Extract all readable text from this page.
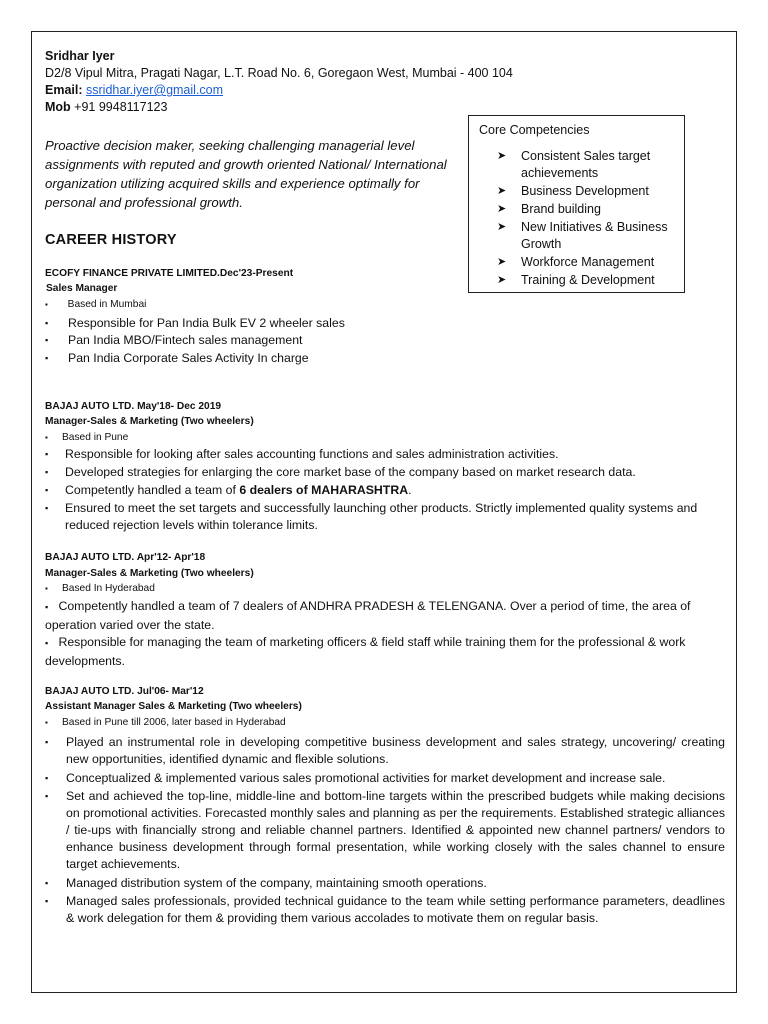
Sridhar Iyer
D2/8 Vipul Mitra, Pragati Nagar, L.T. Road No. 6, Goregaon West, Mumbai - 400 104
Email: ssridhar.iyer@gmail.com
Mob +91 9948117123
Proactive decision maker, seeking challenging managerial level assignments with reputed and growth oriented National/ International organization utilizing acquired skills and experience optimally for personal and professional growth.
Core Competencies
➤ Consistent Sales target achievements
➤ Business Development
➤ Brand building
➤ New Initiatives & Business Growth
➤ Workforce Management
➤ Training & Development
CAREER HISTORY
ECOFY FINANCE PRIVATE LIMITED.Dec'23-Present
Sales Manager
▪ Based in Mumbai
▪	Responsible for Pan India Bulk EV 2 wheeler sales
▪	Pan India MBO/Fintech sales management
▪	Pan India Corporate Sales Activity In charge
BAJAJ AUTO LTD. May'18- Dec 2019
Manager-Sales & Marketing (Two wheelers)
▪ Based in Pune
▪	Responsible for looking after sales accounting functions and sales administration activities.
▪	Developed strategies for enlarging the core market base of the company based on market research data.
▪	Competently handled a team of 6 dealers of MAHARASHTRA.
▪	Ensured to meet the set targets and successfully launching other products. Strictly implemented quality systems and reduced rejection levels within tolerance limits.
BAJAJ AUTO LTD. Apr'12- Apr'18
Manager-Sales & Marketing (Two wheelers)
▪ Based In Hyderabad
▪ Competently handled a team of 7 dealers of ANDHRA PRADESH & TELENGANA. Over a period of time, the area of operation varied over the state.
▪ Responsible for managing the team of marketing officers & field staff while training them for the professional & work developments.
BAJAJ AUTO LTD. Jul'06- Mar'12
Assistant Manager Sales & Marketing (Two wheelers)
▪ Based in Pune till 2006, later based in Hyderabad
▪	Played an instrumental role in developing competitive business development and sales strategy, uncovering/ creating new opportunities, identified dynamic and flexible solutions.
▪	Conceptualized & implemented various sales promotional activities for market development and increase sale.
▪	Set and achieved the top-line, middle-line and bottom-line targets within the prescribed budgets while making decisions on promotional activities. Forecasted monthly sales and planning as per the requirements. Established strategic alliances / tie-ups with financially strong and reliable channel partners. Identified & appointed new channel partners/ vendors to enhance business development through formal presentation, while working closely with the sales channel to ensure target achievements.
▪	Managed distribution system of the company, maintaining smooth operations.
▪	Managed sales professionals, provided technical guidance to the team while setting performance parameters, deadlines & work delegation for them & providing them various accolades to motivate them on regular basis.
